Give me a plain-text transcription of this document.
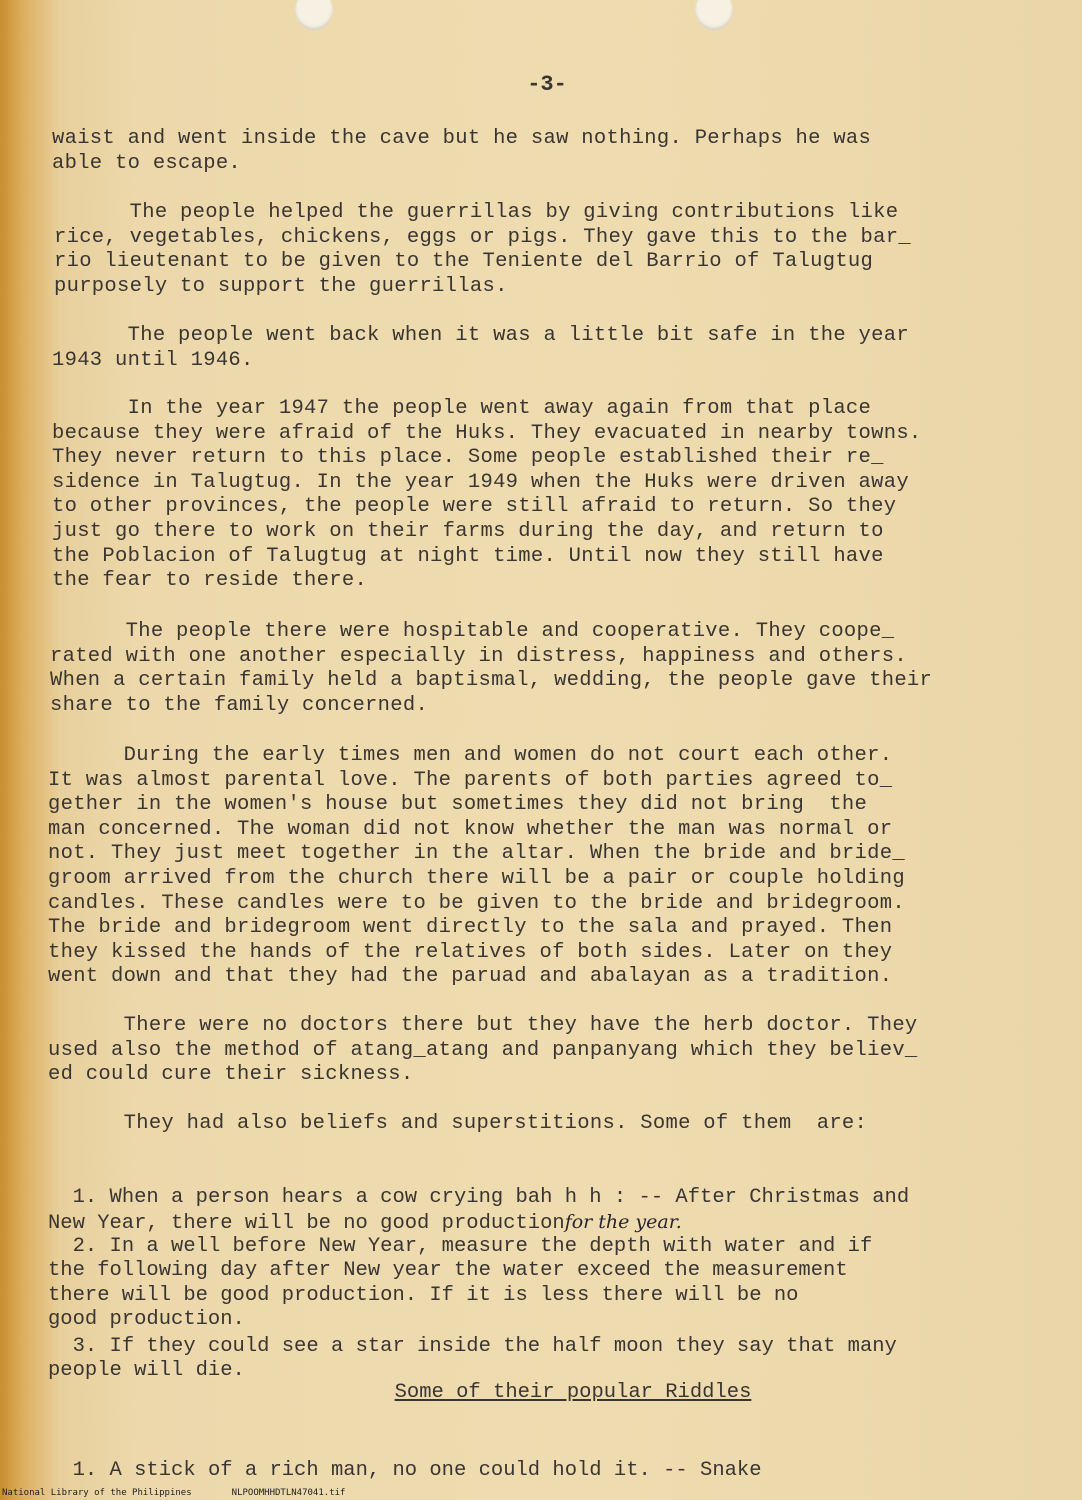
-3-
waist and went inside the cave but he saw nothing. Perhaps he was
able to escape.
The people helped the guerrillas by giving contributions like
rice, vegetables, chickens, eggs or pigs. They gave this to the bar_
rio lieutenant to be given to the Teniente del Barrio of Talugtug
purposely to support the guerrillas.
The people went back when it was a little bit safe in the year
1943 until 1946.
In the year 1947 the people went away again from that place
because they were afraid of the Huks. They evacuated in nearby towns.
They never return to this place. Some people established their re_
sidence in Talugtug. In the year 1949 when the Huks were driven away
to other provinces, the people were still afraid to return. So they
just go there to work on their farms during the day, and return to
the Poblacion of Talugtug at night time. Until now they still have
the fear to reside there.
The people there were hospitable and cooperative. They coope_
rated with one another especially in distress, happiness and others.
When a certain family held a baptismal, wedding, the people gave their
share to the family concerned.
During the early times men and women do not court each other.
It was almost parental love. The parents of both parties agreed to_
gether in the women's house but sometimes they did not bring  the
man concerned. The woman did not know whether the man was normal or
not. They just meet together in the altar. When the bride and bride_
groom arrived from the church there will be a pair or couple holding
candles. These candles were to be given to the bride and bridegroom.
The bride and bridegroom went directly to the sala and prayed. Then
they kissed the hands of the relatives of both sides. Later on they
went down and that they had the paruad and abalayan as a tradition.
There were no doctors there but they have the herb doctor. They
used also the method of atang_atang and panpanyang which they believ_
ed could cure their sickness.
They had also beliefs and superstitions. Some of them  are:

1. When a person hears a cow crying bah h h : -- After Christmas and
New Year, there will be no good productionfor the year.

2. In a well before New Year, measure the depth with water and if
the following day after New year the water exceed the measurement
there will be good production. If it is less there will be no
good production.

3. If they could see a star inside the half moon they say that many
people will die.

Some of their popular Riddles

1. A stick of a rich man, no one could hold it. -- Snake

National Library of the Philippines	NLPOOMHHDTLN47041.tif
